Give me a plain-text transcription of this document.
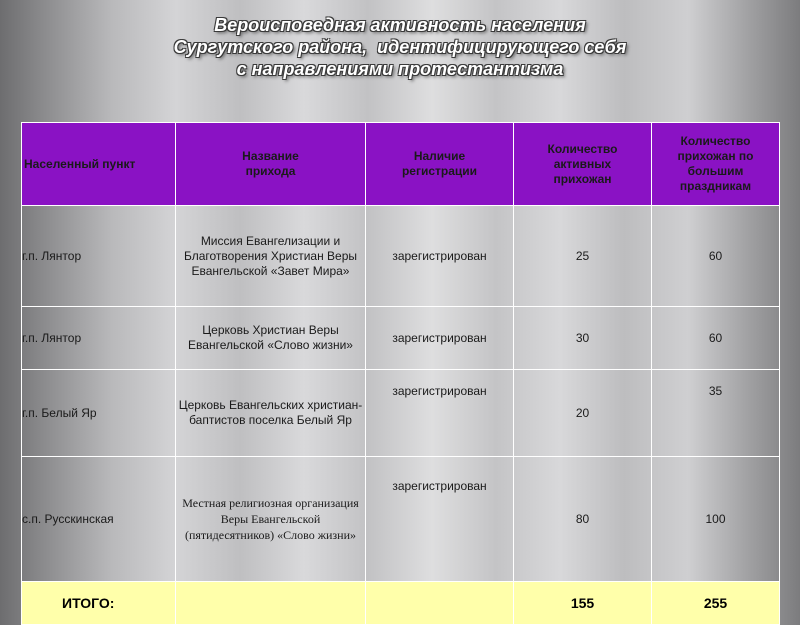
Вероисповедная активность населения
Сургутского района,  идентифицирующего себя
с направлениями протестантизма
Населенный пункт	Название прихода	Наличие регистрации	Количество активных прихожан	Количество прихожан по большим праздникам
г.п. Лянтор	Миссия Евангелизации и Благотворения Христиан Веры Евангельской «Завет Мира»	зарегистрирован	25	60
г.п. Лянтор	Церковь Христиан Веры Евангельской «Слово жизни»	зарегистрирован	30	60
г.п. Белый Яр	Церковь Евангельских христиан-баптистов поселка Белый Яр	зарегистрирован	20	35
с.п. Русскинская	Местная религиозная организация Веры Евангельской (пятидесятников) «Слово жизни»	зарегистрирован	80	100
ИТОГО:			155	255
